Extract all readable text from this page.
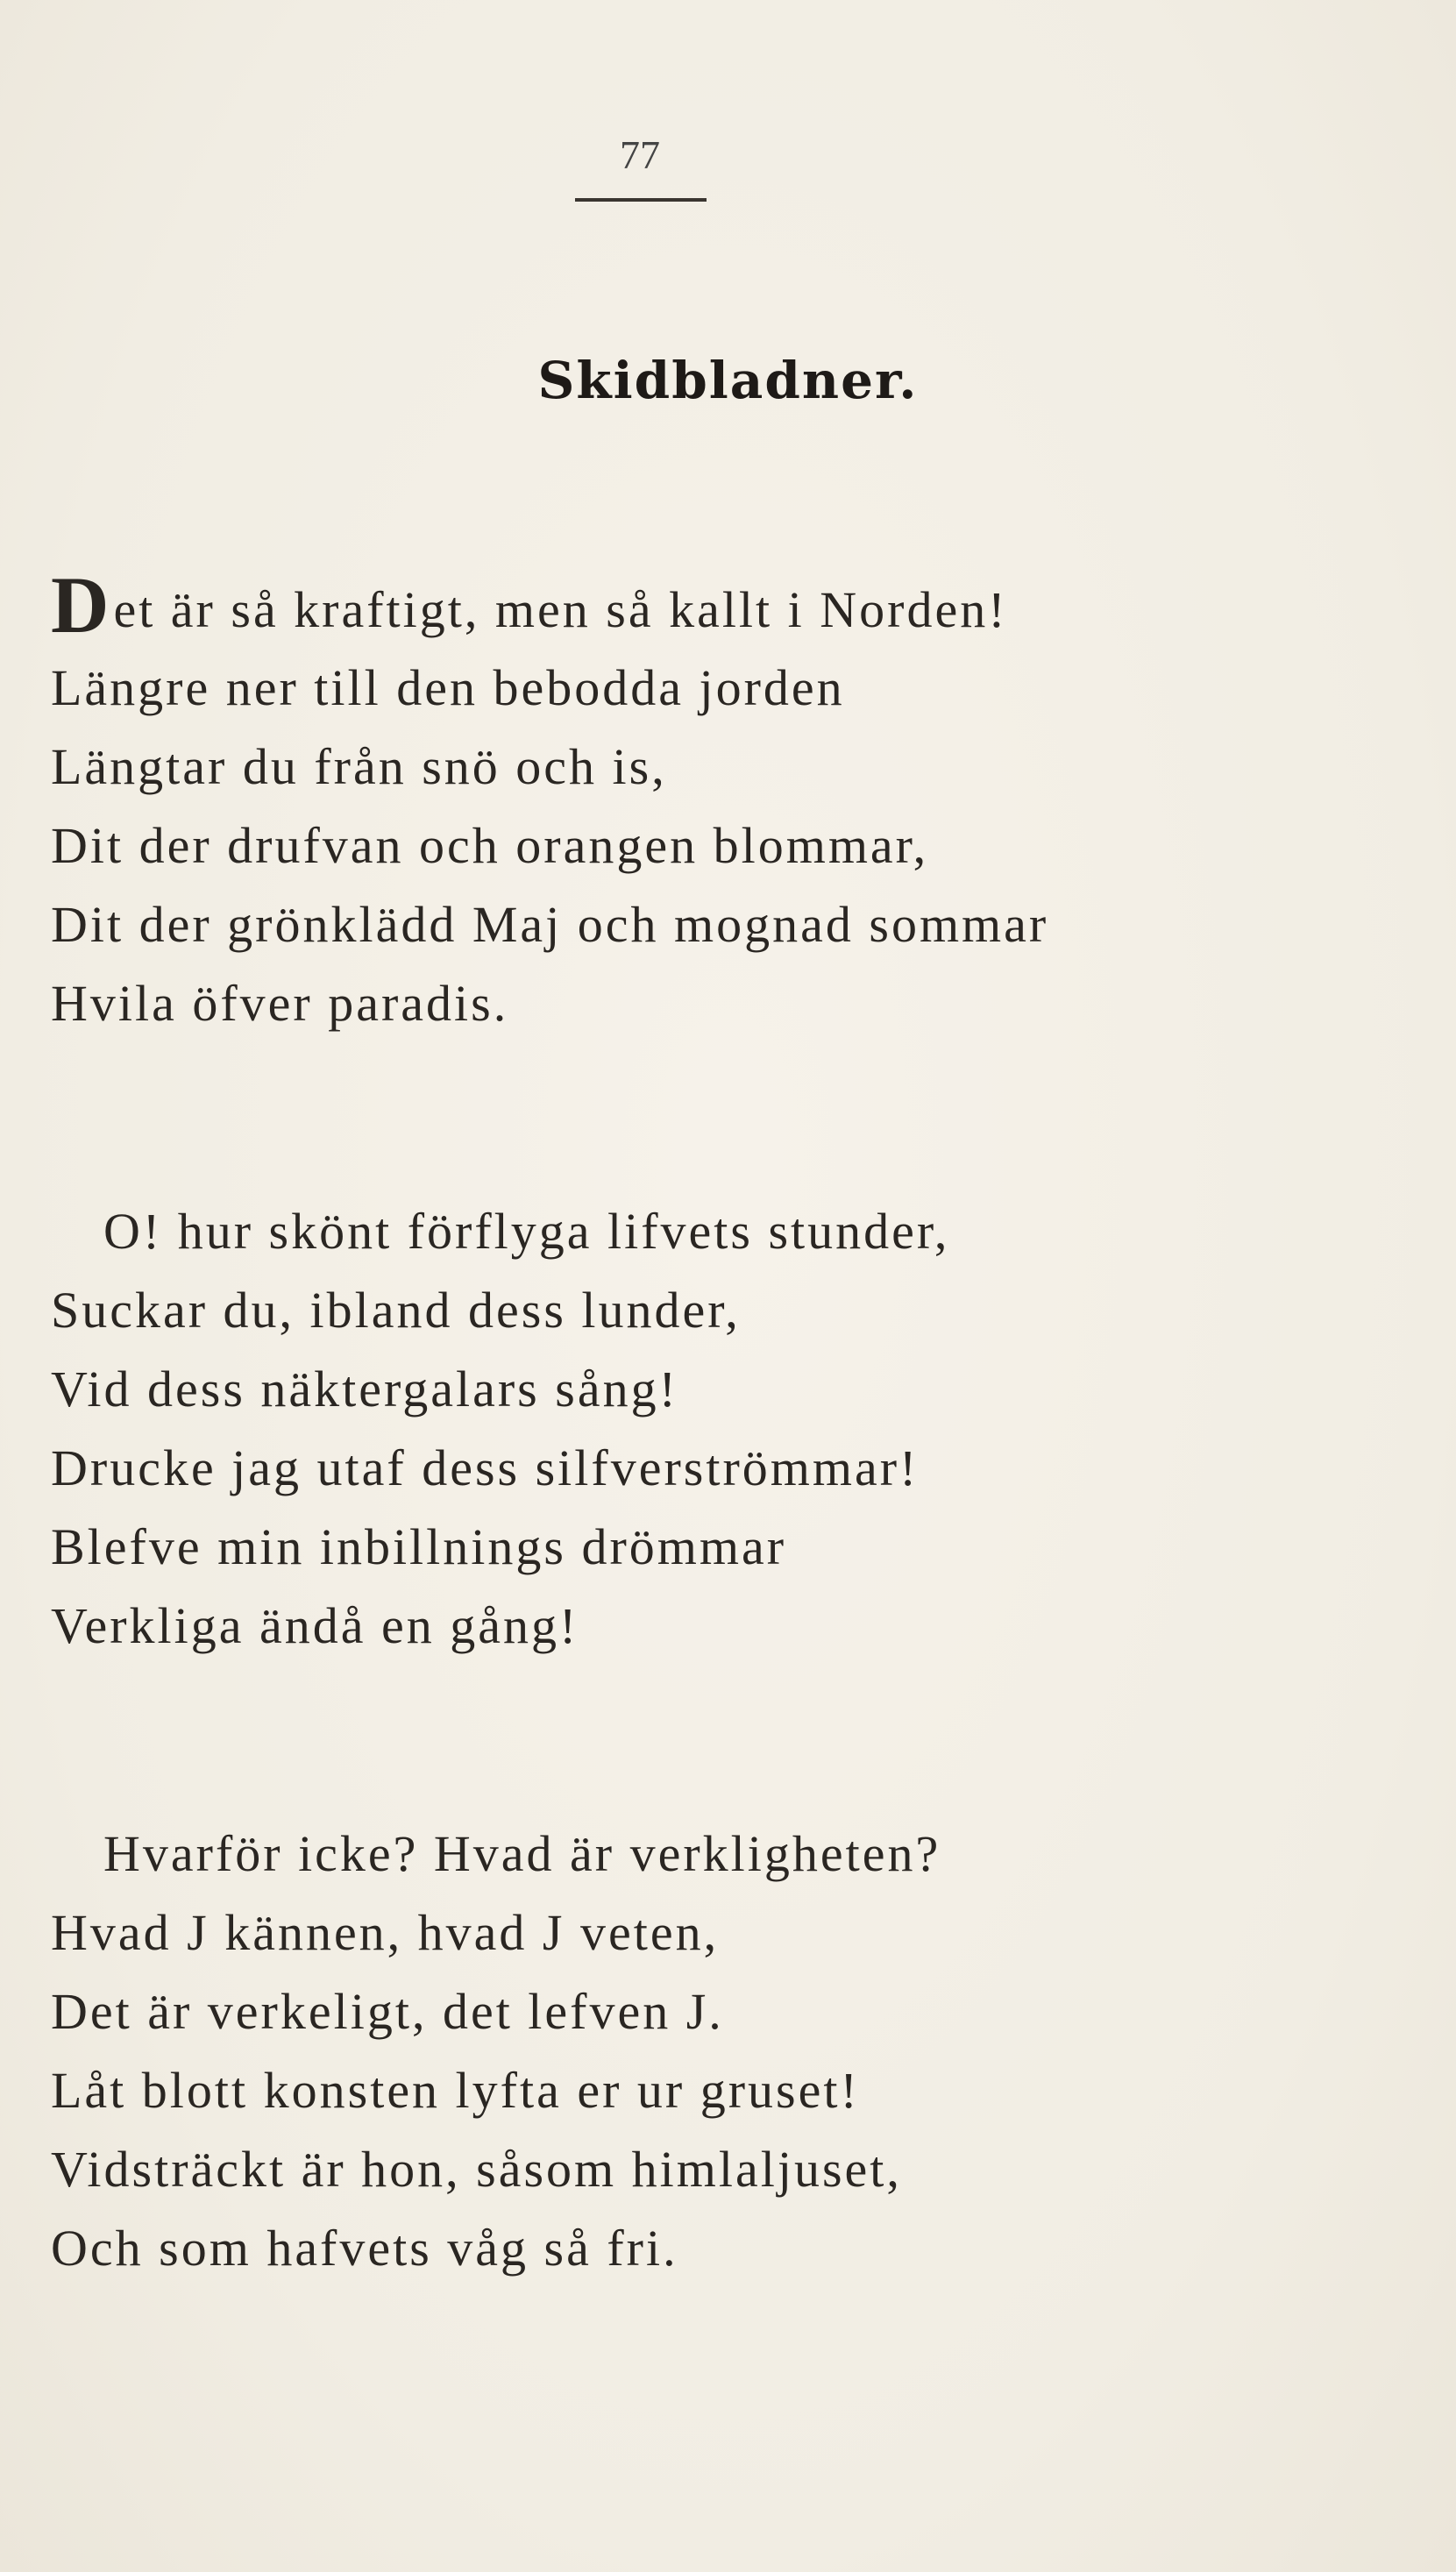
77
Skidbladner.
Det är så kraftigt, men så kallt i Norden!
Längre ner till den bebodda jorden
Längtar du från snö och is,
Dit der drufvan och orangen blommar,
Dit der grönklädd Maj och mognad sommar
Hvila öfver paradis.
O! hur skönt förflyga lifvets stunder,
Suckar du, ibland dess lunder,
Vid dess näktergalars sång!
Drucke jag utaf dess silfverströmmar!
Blefve min inbillnings drömmar
Verkliga ändå en gång!
Hvarför icke? Hvad är verkligheten?
Hvad J kännen, hvad J veten,
Det är verkeligt, det lefven J.
Låt blott konsten lyfta er ur gruset!
Vidsträckt är hon, såsom himlaljuset,
Och som hafvets våg så fri.
